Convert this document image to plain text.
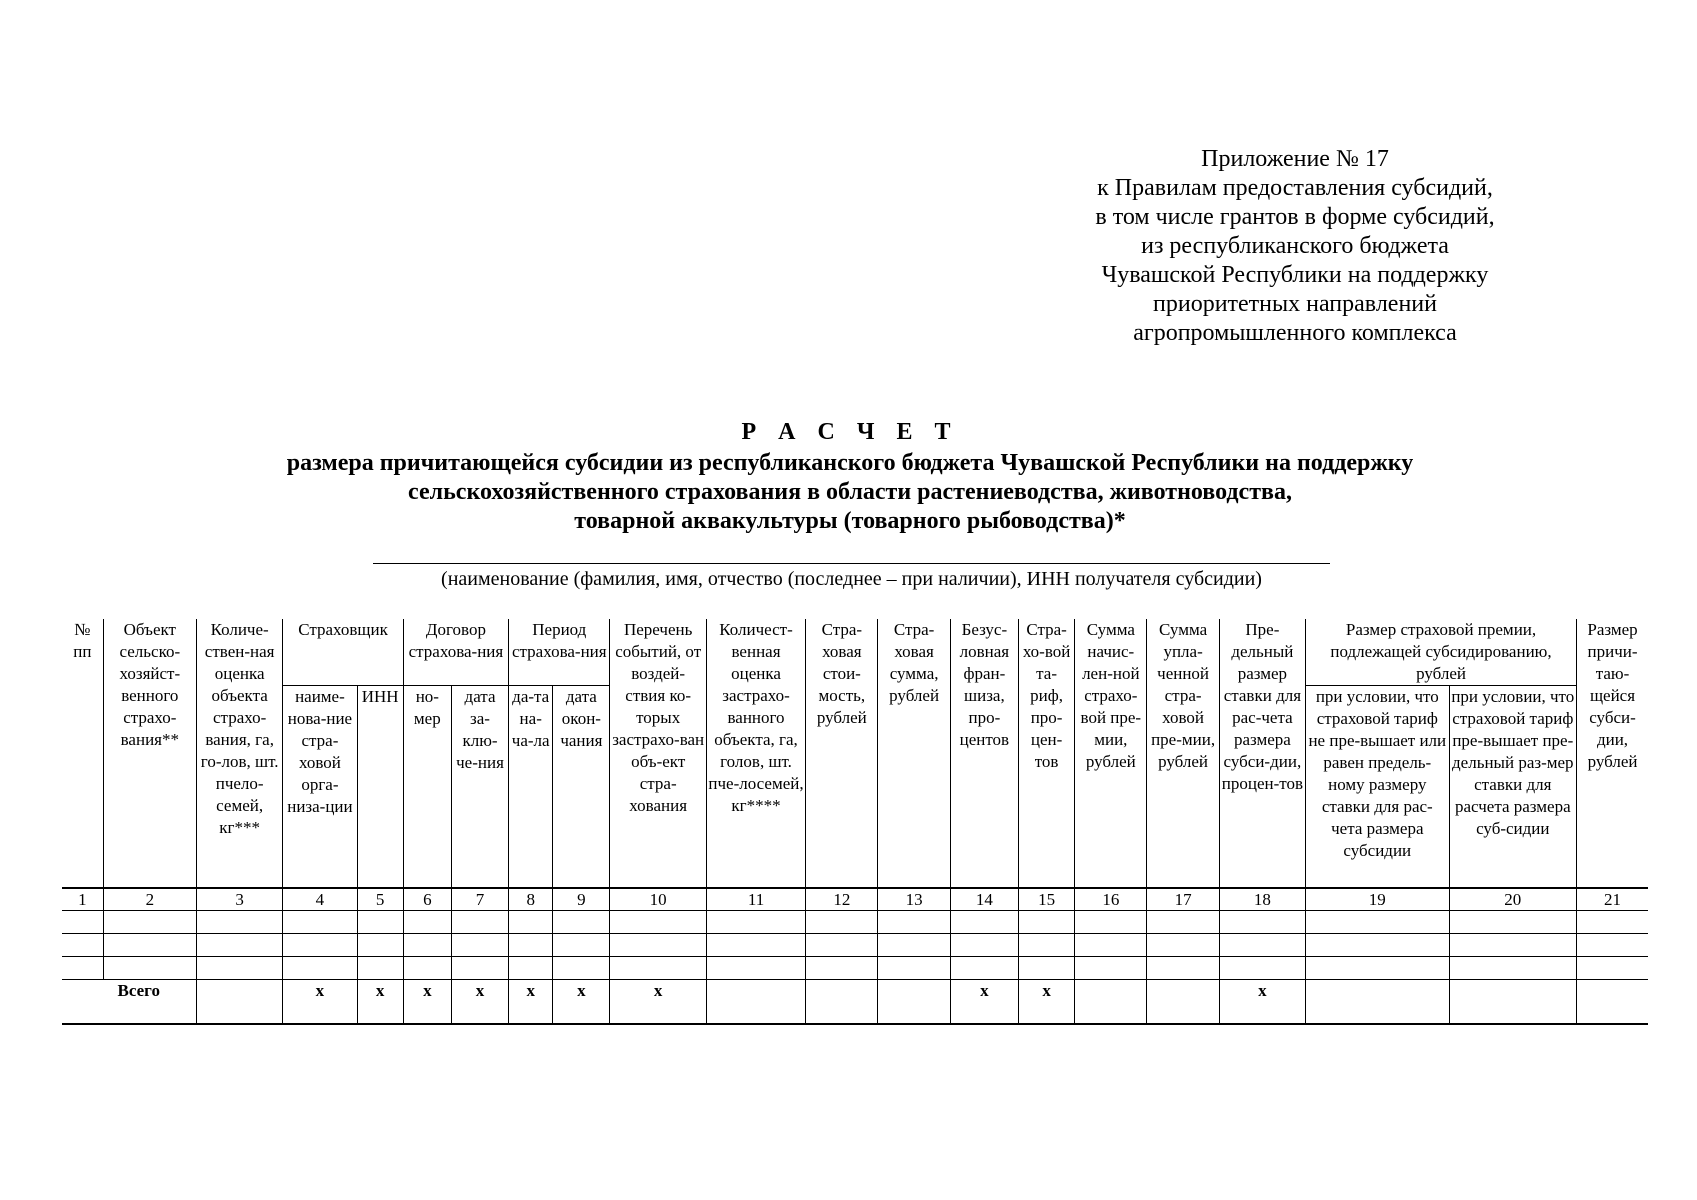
Приложение № 17
к Правилам предоставления субсидий,
в том числе грантов в форме субсидий,
из республиканского бюджета
Чувашской Республики на поддержку
приоритетных направлений
агропромышленного комплекса
Р А С Ч Е Т
размера причитающейся субсидии из республиканского бюджета Чувашской Республики на поддержку
сельскохозяйственного страхования в области растениеводства, животноводства,
товарной аквакультуры (товарного рыбоводства)*
(наименование (фамилия, имя, отчество (последнее – при наличии), ИНН получателя субсидии)
№ пп	Объект сельско-хозяйст-венного страхо-вания**	Количе-ствен-ная оценка объекта страхо-вания, га, го-лов, шт. пчело-семей, кг***	Страховщик		Договор страхова-ния		Период страхова-ния		Перечень событий, от воздей-ствия ко-торых застрахо-ван объ-ект стра-хования	Количест-венная оценка застрахо-ванного объекта, га, голов, шт. пче-лосемей, кг****	Стра-ховая стои-мость, рублей	Стра-ховая сумма, рублей	Безус-ловная фран-шиза, про-центов	Стра-хо-вой та-риф, про-цен-тов	Сумма начис-лен-ной страхо-вой пре-мии, рублей	Сумма упла-ченной стра-ховой пре-мии, рублей	Пре-дельный размер ставки для рас-чета размера субси-дии, процен-тов	Размер страховой премии, подлежащей субсидированию, рублей		Размер причи-таю-щейся субси-дии, рублей
			наиме-нова-ние стра-ховой орга-низа-ции	ИНН	но-мер	дата за-клю-че-ния	да-та на-ча-ла	дата окон-чания										при условии, что страховой тариф не пре-вышает или равен предель-ному размеру ставки для рас-чета размера субсидии	при условии, что страховой тариф пре-вышает пре-дельный раз-мер ставки для расчета размера суб-сидии	
1	2	3	4	5	6	7	8	9	10	11	12	13	14	15	16	17	18	19	20	21

Всего			x	x	x	x	x	x	x				x	x			x			
